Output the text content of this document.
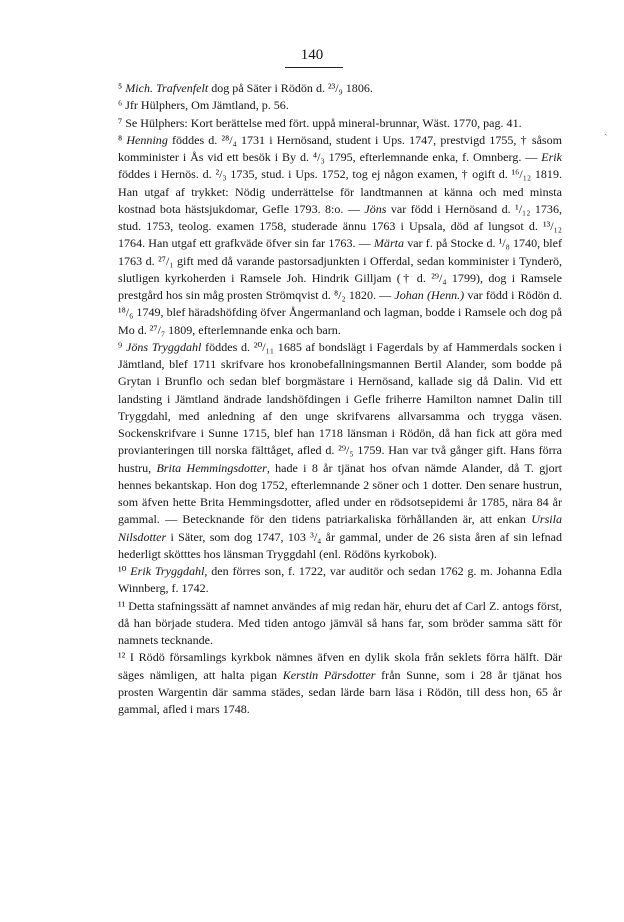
140
ˏ

⁵ Mich. Trafvenfelt dog på Säter i Rödön d. ²³/₉ 1806.

⁶ Jfr Hülphers, Om Jämtland, p. 56.

⁷ Se Hülphers: Kort berättelse med fört. uppå mineral-brunnar, Wäst. 1770, pag. 41.

⁸ Henning föddes d. ²⁸/₄ 1731 i Hernösand, student i Ups. 1747, prestvigd 1755, † såsom komminister i Ås vid ett besök i By d. ⁴/₃ 1795, efterlemnande enka, f. Omnberg. — Erik föddes i Hernös. d. ²/₃ 1735, stud. i Ups. 1752, tog ej någon examen, † ogift d. ¹⁶/₁₂ 1819. Han utgaf af trykket: Nödig underrättelse för landtmannen at känna och med minsta kostnad bota hästsjukdomar, Gefle 1793. 8:o. — Jöns var född i Hernösand d. ¹/₁₂ 1736, stud. 1753, teolog. examen 1758, studerade ännu 1763 i Upsala, död af lungsot d. ¹³/₁₂ 1764. Han utgaf ett grafkväde öfver sin far 1763. — Märta var f. på Stocke d. ¹/₈ 1740, blef 1763 d. ²⁷/₁ gift med då varande pastorsadjunkten i Offerdal, sedan komminister i Tynderö, slutligen kyrkoherden i Ramsele Joh. Hindrik Gilljam († d. ²⁹/₄ 1799), dog i Ramsele prestgård hos sin måg prosten Strömqvist d. ⁸/₂ 1820. — Johan (Henn.) var född i Rödön d. ¹⁸/₆ 1749, blef häradshöfding öfver Ångermanland och lagman, bodde i Ramsele och dog på Mo d. ²⁷/₇ 1809, efterlemnande enka och barn.

⁹ Jöns Tryggdahl föddes d. ²⁰/₁₁ 1685 af bondslägt i Fagerdals by af Hammerdals socken i Jämtland, blef 1711 skrifvare hos kronobefallningsmannen Bertil Alander, som bodde på Grytan i Brunflo och sedan blef borgmästare i Hernösand, kallade sig då Dalin. Vid ett landsting i Jämtland ändrade landshöfdingen i Gefle friherre Hamilton namnet Dalin till Tryggdahl, med anledning af den unge skrifvarens allvarsamma och tryggа väsen. Sockenskrifvare i Sunne 1715, blef han 1718 länsman i Rödön, då han fick att göra med provianteringen till norska fälttåget, afled d. ²⁹/₅ 1759. Han var två gånger gift. Hans förra hustru, Brita Hemmingsdotter, hade i 8 år tjänat hos ofvan nämde Alander, då T. gjort hennes bekantskap. Hon dog 1752, efterlemnande 2 söner och 1 dotter. Den senare hustrun, som äfven hette Brita Hemmingsdotter, afled under en rödsotsepidemi år 1785, nära 84 år gammal. — Betecknande för den tidens patriarkaliska förhållanden är, att enkan Ursila Nilsdotter i Säter, som dog 1747, 103 ³/₄ år gammal, under de 26 sista åren af sin lefnad hederligt skötttes hos länsman Tryggdahl (enl. Rödöns kyrkobok).

¹⁰ Erik Tryggdahl, den förres son, f. 1722, var auditör och sedan 1762 g. m. Johanna Edla Winnberg, f. 1742.

¹¹ Detta stafningssätt af namnet användes af mig redan här, ehuru det af Carl Z. antogs först, då han började studera. Med tiden antogo jämväl så hans far, som bröder samma sätt för namnets tecknande.

¹² I Rödö församlings kyrkbok nämnes äfven en dylik skola från seklets förra hälft. Där säges nämligen, att halta pigan Kerstin Pärsdotter från Sunne, som i 28 år tjänat hos prosten Wargentin där samma städes, sedan lärde barn läsa i Rödön, till dess hon, 65 år gammal, afled i mars 1748.
